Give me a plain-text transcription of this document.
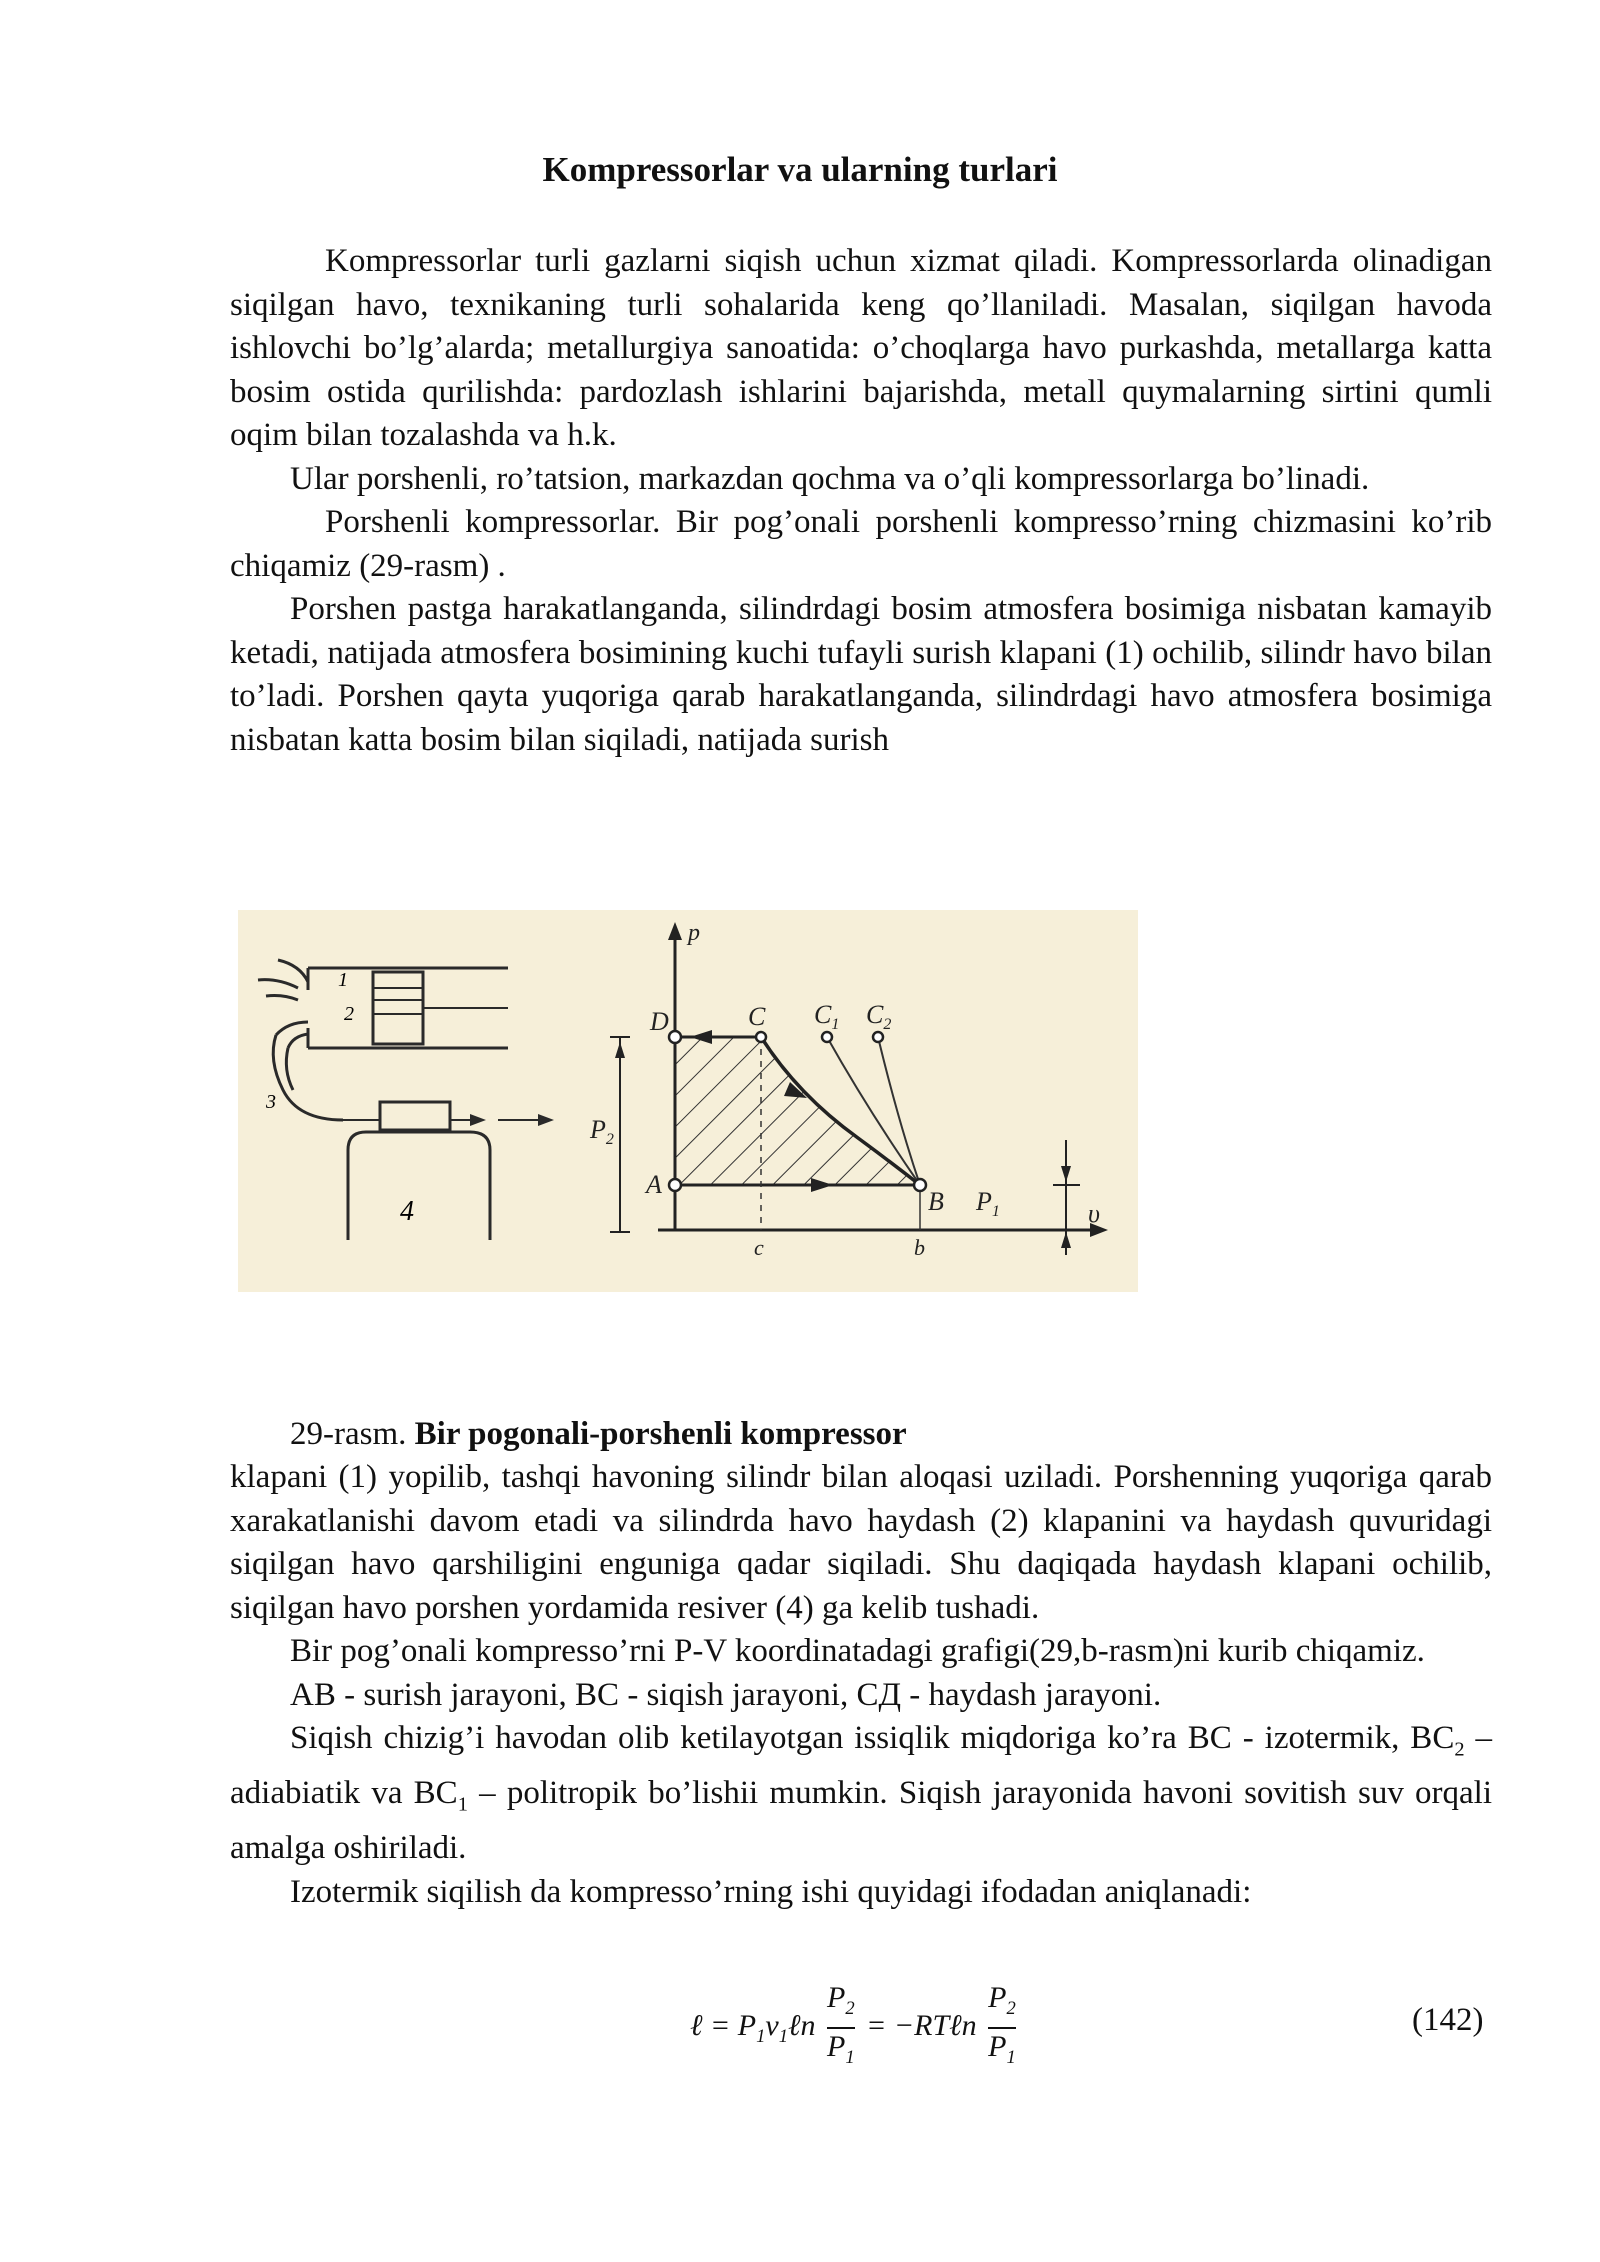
Kompressorlar va ularning turlari

Kompressorlar turli gazlarni siqish uchun xizmat qiladi. Kompressorlarda olinadigan siqilgan havo, texnikaning turli sohalarida keng qo’llaniladi. Masalan, siqilgan havoda ishlovchi bo’lg’alarda; metallurgiya sanoatida: o’choqlarga havo purkashda, metallarga katta bosim ostida qurilishda: pardozlash ishlarini bajarishda, metall quymalarning sirtini qumli oqim bilan tozalashda va h.k.

Ular porshenli, ro’tatsion, markazdan qochma va o’qli kompressorlarga bo’linadi.

Porshenli kompressorlar. Bir pog’onali porshenli kompresso’rning chizmasini ko’rib chiqamiz (29-rasm) .

Porshen pastga harakatlanganda, silindrdagi bosim atmosfera bosimiga nisbatan kamayib ketadi, natijada atmosfera bosimining kuchi tufayli surish klapani (1) ochilib, silindr havo bilan to’ladi. Porshen qayta yuqoriga qarab harakatlanganda, silindrdagi havo atmosfera bosimiga nisbatan katta bosim bilan siqiladi, natijada surish

1
2
3
4
p
υ
D	C $C_1$ $C_2$
A
B
$P_2$
$P_1$
c	b
29-rasm. Bir pogonali-porshenli kompressor

klapani (1) yopilib, tashqi havoning silindr bilan aloqasi uziladi. Porshenning yuqoriga qarab xarakatlanishi davom etadi va silindrda havo haydash (2) klapanini va haydash quvuridagi siqilgan havo qarshiligini enguniga qadar siqiladi. Shu daqiqada haydash klapani ochilib, siqilgan havo porshen yordamida resiver (4) ga kelib tushadi.

Bir pog’onali kompresso’rni P-V koordinatadagi grafigi(29,b-rasm)ni kurib chiqamiz.

AB - surish jarayoni, BC - siqish jarayoni, CД - haydash jarayoni.

Siqish chizig’i havodan olib ketilayotgan issiqlik miqdoriga ko’ra BC - izotermik, $BC_2$ – adiabiatik va $BC_1$ – politropik bo’lishii mumkin. Siqish jarayonida havoni sovitish suv orqali amalga oshiriladi.

Izotermik siqilish da kompresso’rning ishi quyidagi ifodadan aniqlanadi:

ℓ = $P_1v_1\ell n \frac{P_2}{P_1}$ = −RTℓn $\frac{P_2}{P_1}$	(142)
